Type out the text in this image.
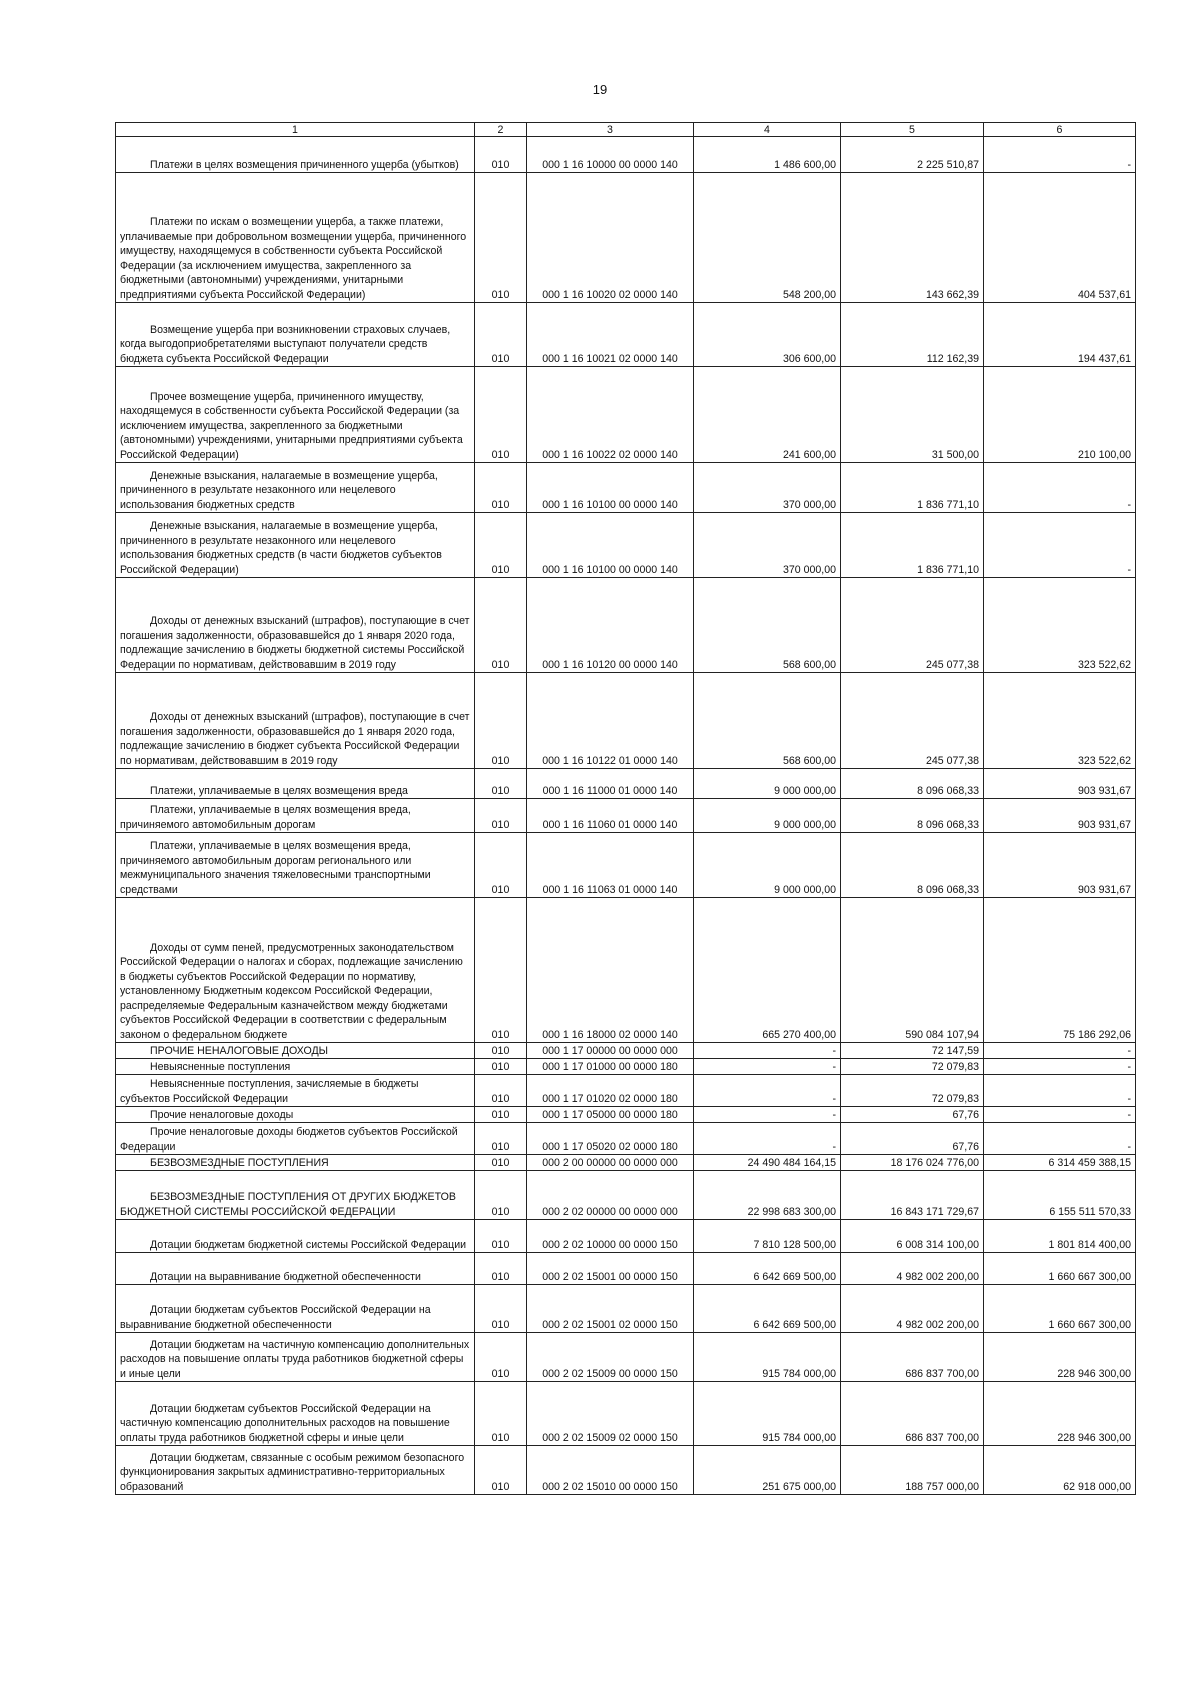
19
1	2	3	4	5	6

Платежи в целях возмещения причиненного ущерба (убытков)	010	000 1 16 10000 00 0000 140	1 486 600,00	2 225 510,87	-

Платежи по искам о возмещении ущерба, а также платежи, уплачиваемые при добровольном возмещении ущерба, причиненного имуществу, находящемуся в собственности субъекта Российской Федерации (за исключением имущества, закрепленного за бюджетными (автономными) учреждениями, унитарными предприятиями субъекта Российской Федерации)	010	000 1 16 10020 02 0000 140	548 200,00	143 662,39	404 537,61

Возмещение ущерба при возникновении страховых случаев, когда выгодоприобретателями выступают получатели средств бюджета субъекта Российской Федерации	010	000 1 16 10021 02 0000 140	306 600,00	112 162,39	194 437,61

Прочее возмещение ущерба, причиненного имуществу, находящемуся в собственности субъекта Российской Федерации (за исключением имущества, закрепленного за бюджетными (автономными) учреждениями, унитарными предприятиями субъекта Российской Федерации)	010	000 1 16 10022 02 0000 140	241 600,00	31 500,00	210 100,00

Денежные взыскания, налагаемые в возмещение ущерба, причиненного в результате незаконного или нецелевого использования бюджетных средств	010	000 1 16 10100 00 0000 140	370 000,00	1 836 771,10	-

Денежные взыскания, налагаемые в возмещение ущерба, причиненного в результате незаконного или нецелевого использования бюджетных средств (в части бюджетов субъектов Российской Федерации)	010	000 1 16 10100 00 0000 140	370 000,00	1 836 771,10	-

Доходы от денежных взысканий (штрафов), поступающие в счет погашения задолженности, образовавшейся до 1 января 2020 года, подлежащие зачислению в бюджеты бюджетной системы Российской Федерации по нормативам, действовавшим в 2019 году	010	000 1 16 10120 00 0000 140	568 600,00	245 077,38	323 522,62

Доходы от денежных взысканий (штрафов), поступающие в счет погашения задолженности, образовавшейся до 1 января 2020 года, подлежащие зачислению в бюджет субъекта Российской Федерации по нормативам, действовавшим в 2019 году	010	000 1 16 10122 01 0000 140	568 600,00	245 077,38	323 522,62

Платежи, уплачиваемые в целях возмещения вреда	010	000 1 16 11000 01 0000 140	9 000 000,00	8 096 068,33	903 931,67

Платежи, уплачиваемые в целях возмещения вреда, причиняемого автомобильным дорогам	010	000 1 16 11060 01 0000 140	9 000 000,00	8 096 068,33	903 931,67

Платежи, уплачиваемые в целях возмещения вреда, причиняемого автомобильным дорогам регионального или межмуниципального значения тяжеловесными транспортными средствами	010	000 1 16 11063 01 0000 140	9 000 000,00	8 096 068,33	903 931,67

Доходы от сумм пеней, предусмотренных законодательством Российской Федерации о налогах и сборах, подлежащие зачислению в бюджеты субъектов Российской Федерации по нормативу, установленному Бюджетным кодексом Российской Федерации, распределяемые Федеральным казначейством между бюджетами субъектов Российской Федерации в соответствии с федеральным законом о федеральном бюджете	010	000 1 16 18000 02 0000 140	665 270 400,00	590 084 107,94	75 186 292,06

ПРОЧИЕ НЕНАЛОГОВЫЕ ДОХОДЫ	010	000 1 17 00000 00 0000 000	-	72 147,59	-

Невыясненные поступления	010	000 1 17 01000 00 0000 180	-	72 079,83	-

Невыясненные поступления, зачисляемые в бюджеты субъектов Российской Федерации	010	000 1 17 01020 02 0000 180	-	72 079,83	-

Прочие неналоговые доходы	010	000 1 17 05000 00 0000 180	-	67,76	-

Прочие неналоговые доходы бюджетов субъектов Российской Федерации	010	000 1 17 05020 02 0000 180	-	67,76	-

БЕЗВОЗМЕЗДНЫЕ ПОСТУПЛЕНИЯ	010	000 2 00 00000 00 0000 000	24 490 484 164,15	18 176 024 776,00	6 314 459 388,15

БЕЗВОЗМЕЗДНЫЕ ПОСТУПЛЕНИЯ ОТ ДРУГИХ БЮДЖЕТОВ БЮДЖЕТНОЙ СИСТЕМЫ РОССИЙСКОЙ ФЕДЕРАЦИИ	010	000 2 02 00000 00 0000 000	22 998 683 300,00	16 843 171 729,67	6 155 511 570,33

Дотации бюджетам бюджетной системы Российской Федерации	010	000 2 02 10000 00 0000 150	7 810 128 500,00	6 008 314 100,00	1 801 814 400,00

Дотации на выравнивание бюджетной обеспеченности	010	000 2 02 15001 00 0000 150	6 642 669 500,00	4 982 002 200,00	1 660 667 300,00

Дотации бюджетам субъектов Российской Федерации на выравнивание бюджетной обеспеченности	010	000 2 02 15001 02 0000 150	6 642 669 500,00	4 982 002 200,00	1 660 667 300,00

Дотации бюджетам на частичную компенсацию дополнительных расходов на повышение оплаты труда работников бюджетной сферы и иные цели	010	000 2 02 15009 00 0000 150	915 784 000,00	686 837 700,00	228 946 300,00

Дотации бюджетам субъектов Российской Федерации на частичную компенсацию дополнительных расходов на повышение оплаты труда работников бюджетной сферы и иные цели	010	000 2 02 15009 02 0000 150	915 784 000,00	686 837 700,00	228 946 300,00

Дотации бюджетам, связанные с особым режимом безопасного функционирования закрытых административно-территориальных образований	010	000 2 02 15010 00 0000 150	251 675 000,00	188 757 000,00	62 918 000,00
